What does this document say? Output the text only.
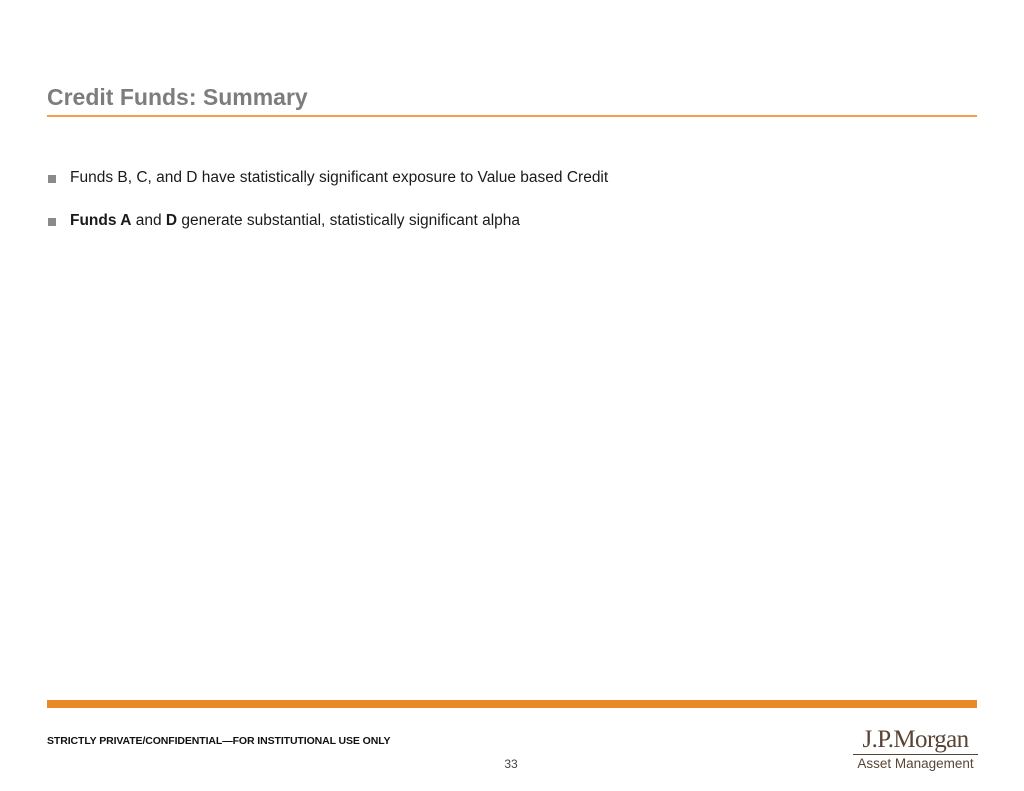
Credit Funds: Summary
Funds B, C, and D have statistically significant exposure to Value based Credit
Funds A and D generate substantial, statistically significant alpha
STRICTLY PRIVATE/CONFIDENTIAL—FOR INSTITUTIONAL USE ONLY
33
J.P.Morgan
Asset Management
